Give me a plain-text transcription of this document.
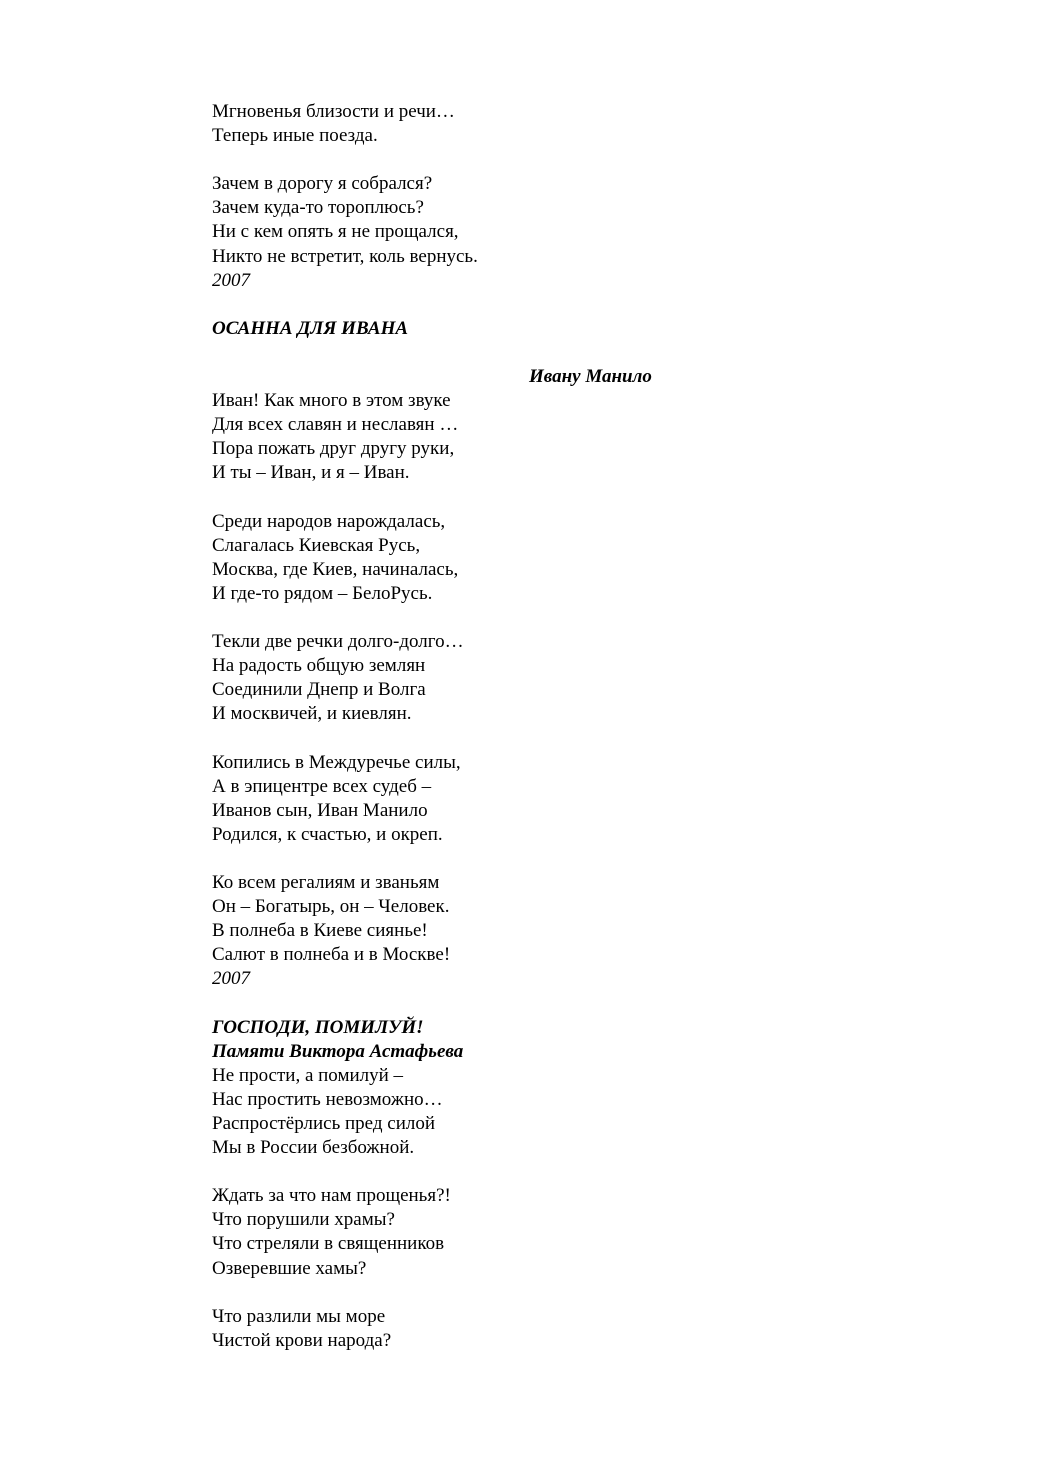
Мгновенья близости и речи…
Теперь иные поезда.
Зачем в дорогу я собрался?
Зачем куда-то тороплюсь?
Ни с кем опять я не прощался,
Никто не встретит, коль вернусь.
2007
ОСАННА ДЛЯ ИВАНА
Ивану Манило
Иван! Как много в этом звуке
Для всех славян и неславян …
Пора пожать друг другу руки,
И ты – Иван, и я – Иван.
Среди народов нарождалась,
Слагалась Киевская Русь,
Москва, где Киев, начиналась,
И где-то рядом – БелоРусь.
Текли две речки долго-долго…
На радость общую землян
Соединили Днепр и Волга
И москвичей, и киевлян.
Копились в Междуречье силы,
А в эпицентре всех судеб –
Иванов сын, Иван Манило
Родился, к счастью, и окреп.
Ко всем регалиям и званьям
Он – Богатырь, он – Человек.
В полнеба в Киеве сиянье!
Салют в полнеба и в Москве!
2007
ГОСПОДИ, ПОМИЛУЙ!
Памяти Виктора Астафьева
Не прости, а помилуй –
Нас простить невозможно…
Распростёрлись пред силой
Мы в России безбожной.
Ждать за что нам прощенья?!
Что порушили храмы?
Что стреляли в священников
Озверевшие хамы?
Что разлили мы море
Чистой крови народа?
